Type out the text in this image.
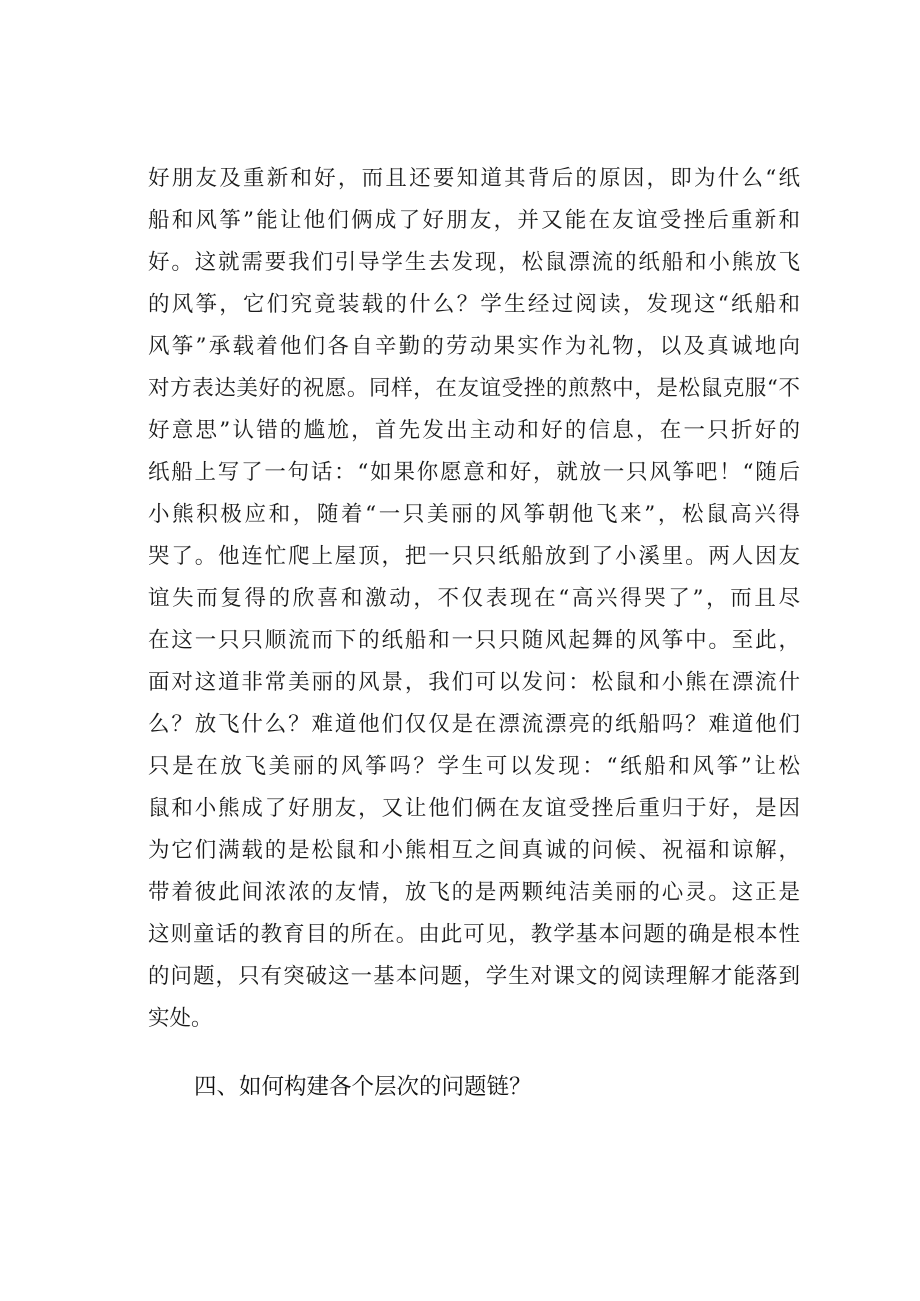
好朋友及重新和好，而且还要知道其背后的原因，即为什么“纸
船和风筝”能让他们俩成了好朋友，并又能在友谊受挫后重新和
好。这就需要我们引导学生去发现，松鼠漂流的纸船和小熊放飞
的风筝，它们究竟装载的什么？学生经过阅读，发现这“纸船和
风筝”承载着他们各自辛勤的劳动果实作为礼物，以及真诚地向
对方表达美好的祝愿。同样，在友谊受挫的煎熬中，是松鼠克服“不
好意思”认错的尴尬，首先发出主动和好的信息，在一只折好的
纸船上写了一句话：“如果你愿意和好，就放一只风筝吧！“随后
小熊积极应和，随着“一只美丽的风筝朝他飞来”，松鼠高兴得
哭了。他连忙爬上屋顶，把一只只纸船放到了小溪里。两人因友
谊失而复得的欣喜和激动，不仅表现在“高兴得哭了”，而且尽
在这一只只顺流而下的纸船和一只只随风起舞的风筝中。至此，
面对这道非常美丽的风景，我们可以发问：松鼠和小熊在漂流什
么？放飞什么？难道他们仅仅是在漂流漂亮的纸船吗？难道他们
只是在放飞美丽的风筝吗？学生可以发现：“纸船和风筝”让松
鼠和小熊成了好朋友，又让他们俩在友谊受挫后重归于好，是因
为它们满载的是松鼠和小熊相互之间真诚的问候、祝福和谅解，
带着彼此间浓浓的友情，放飞的是两颗纯洁美丽的心灵。这正是
这则童话的教育目的所在。由此可见，教学基本问题的确是根本性
的问题，只有突破这一基本问题，学生对课文的阅读理解才能落到
实处。
四、如何构建各个层次的问题链？
